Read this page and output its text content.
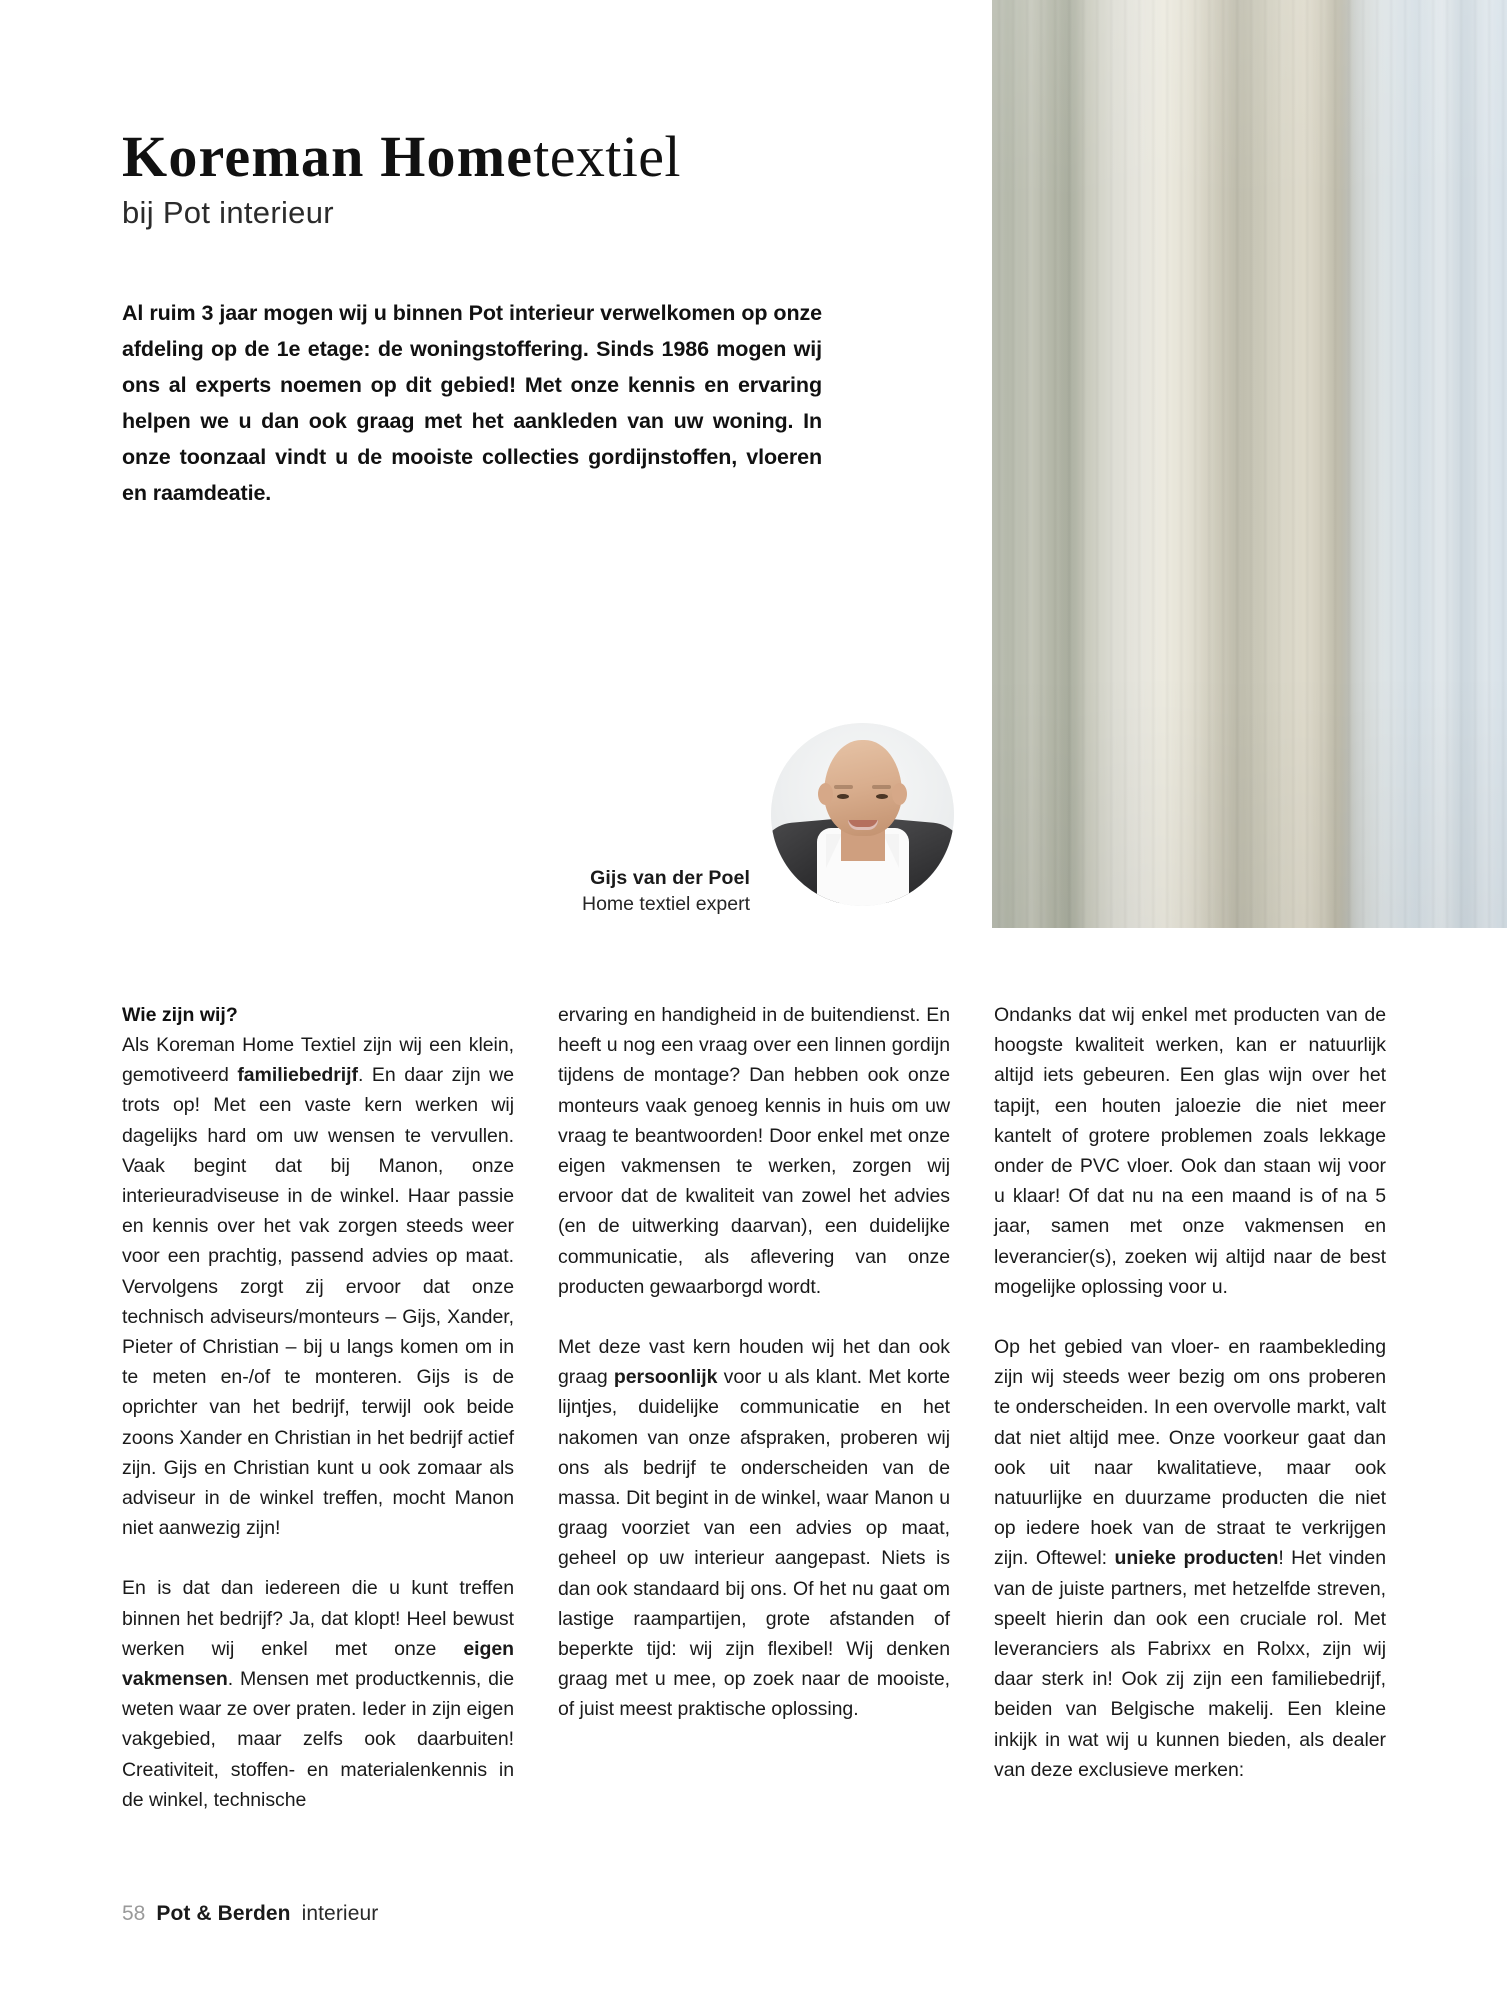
Koreman Hometextiel
bij Pot interieur
Al ruim 3 jaar mogen wij u binnen Pot interieur verwelkomen op onze afdeling op de 1e etage: de woningstoffering. Sinds 1986 mogen wij ons al experts noemen op dit gebied! Met onze kennis en ervaring helpen we u dan ook graag met het aankleden van uw woning. In onze toonzaal vindt u de mooiste collecties gordijnstoffen, vloeren en raamdeatie.
Gijs van der Poel
Home textiel expert
Wie zijn wij?

Als Koreman Home Textiel zijn wij een klein, gemotiveerd familiebedrijf. En daar zijn we trots op! Met een vaste kern werken wij dagelijks hard om uw wensen te vervullen. Vaak begint dat bij Manon, onze interieuradviseuse in de winkel. Haar passie en kennis over het vak zorgen steeds weer voor een prachtig, passend advies op maat. Vervolgens zorgt zij ervoor dat onze technisch adviseurs/monteurs – Gijs, Xander, Pieter of Christian – bij u langs komen om in te meten en-/of te monteren. Gijs is de oprichter van het bedrijf, terwijl ook beide zoons Xander en Christian in het bedrijf actief zijn. Gijs en Christian kunt u ook zomaar als adviseur in de winkel treffen, mocht Manon niet aanwezig zijn!

En is dat dan iedereen die u kunt treffen binnen het bedrijf? Ja, dat klopt! Heel bewust werken wij enkel met onze eigen vakmensen. Mensen met productkennis, die weten waar ze over praten. Ieder in zijn eigen vakgebied, maar zelfs ook daarbuiten! Creativiteit, stoffen- en materialenkennis in de winkel, technische

ervaring en handigheid in de buitendienst. En heeft u nog een vraag over een linnen gordijn tijdens de montage? Dan hebben ook onze monteurs vaak genoeg kennis in huis om uw vraag te beantwoorden! Door enkel met onze eigen vakmensen te werken, zorgen wij ervoor dat de kwaliteit van zowel het advies (en de uitwerking daarvan), een duidelijke communicatie, als aflevering van onze producten gewaarborgd wordt.

Met deze vast kern houden wij het dan ook graag persoonlijk voor u als klant. Met korte lijntjes, duidelijke communicatie en het nakomen van onze afspraken, proberen wij ons als bedrijf te onderscheiden van de massa. Dit begint in de winkel, waar Manon u graag voorziet van een advies op maat, geheel op uw interieur aangepast. Niets is dan ook standaard bij ons. Of het nu gaat om lastige raampartijen, grote afstanden of beperkte tijd: wij zijn flexibel! Wij denken graag met u mee, op zoek naar de mooiste, of juist meest praktische oplossing.

Ondanks dat wij enkel met producten van de hoogste kwaliteit werken, kan er natuurlijk altijd iets gebeuren. Een glas wijn over het tapijt, een houten jaloezie die niet meer kantelt of grotere problemen zoals lekkage onder de PVC vloer. Ook dan staan wij voor u klaar! Of dat nu na een maand is of na 5 jaar, samen met onze vakmensen en leverancier(s), zoeken wij altijd naar de best mogelijke oplossing voor u.

Op het gebied van vloer- en raambekleding zijn wij steeds weer bezig om ons proberen te onderscheiden. In een overvolle markt, valt dat niet altijd mee. Onze voorkeur gaat dan ook uit naar kwalitatieve, maar ook natuurlijke en duurzame producten die niet op iedere hoek van de straat te verkrijgen zijn. Oftewel: unieke producten! Het vinden van de juiste partners, met hetzelfde streven, speelt hierin dan ook een cruciale rol. Met leveranciers als Fabrixx en Rolxx, zijn wij daar sterk in! Ook zij zijn een familiebedrijf, beiden van Belgische makelij. Een kleine inkijk in wat wij u kunnen bieden, als dealer van deze exclusieve merken:

58 Pot & Berden interieur
